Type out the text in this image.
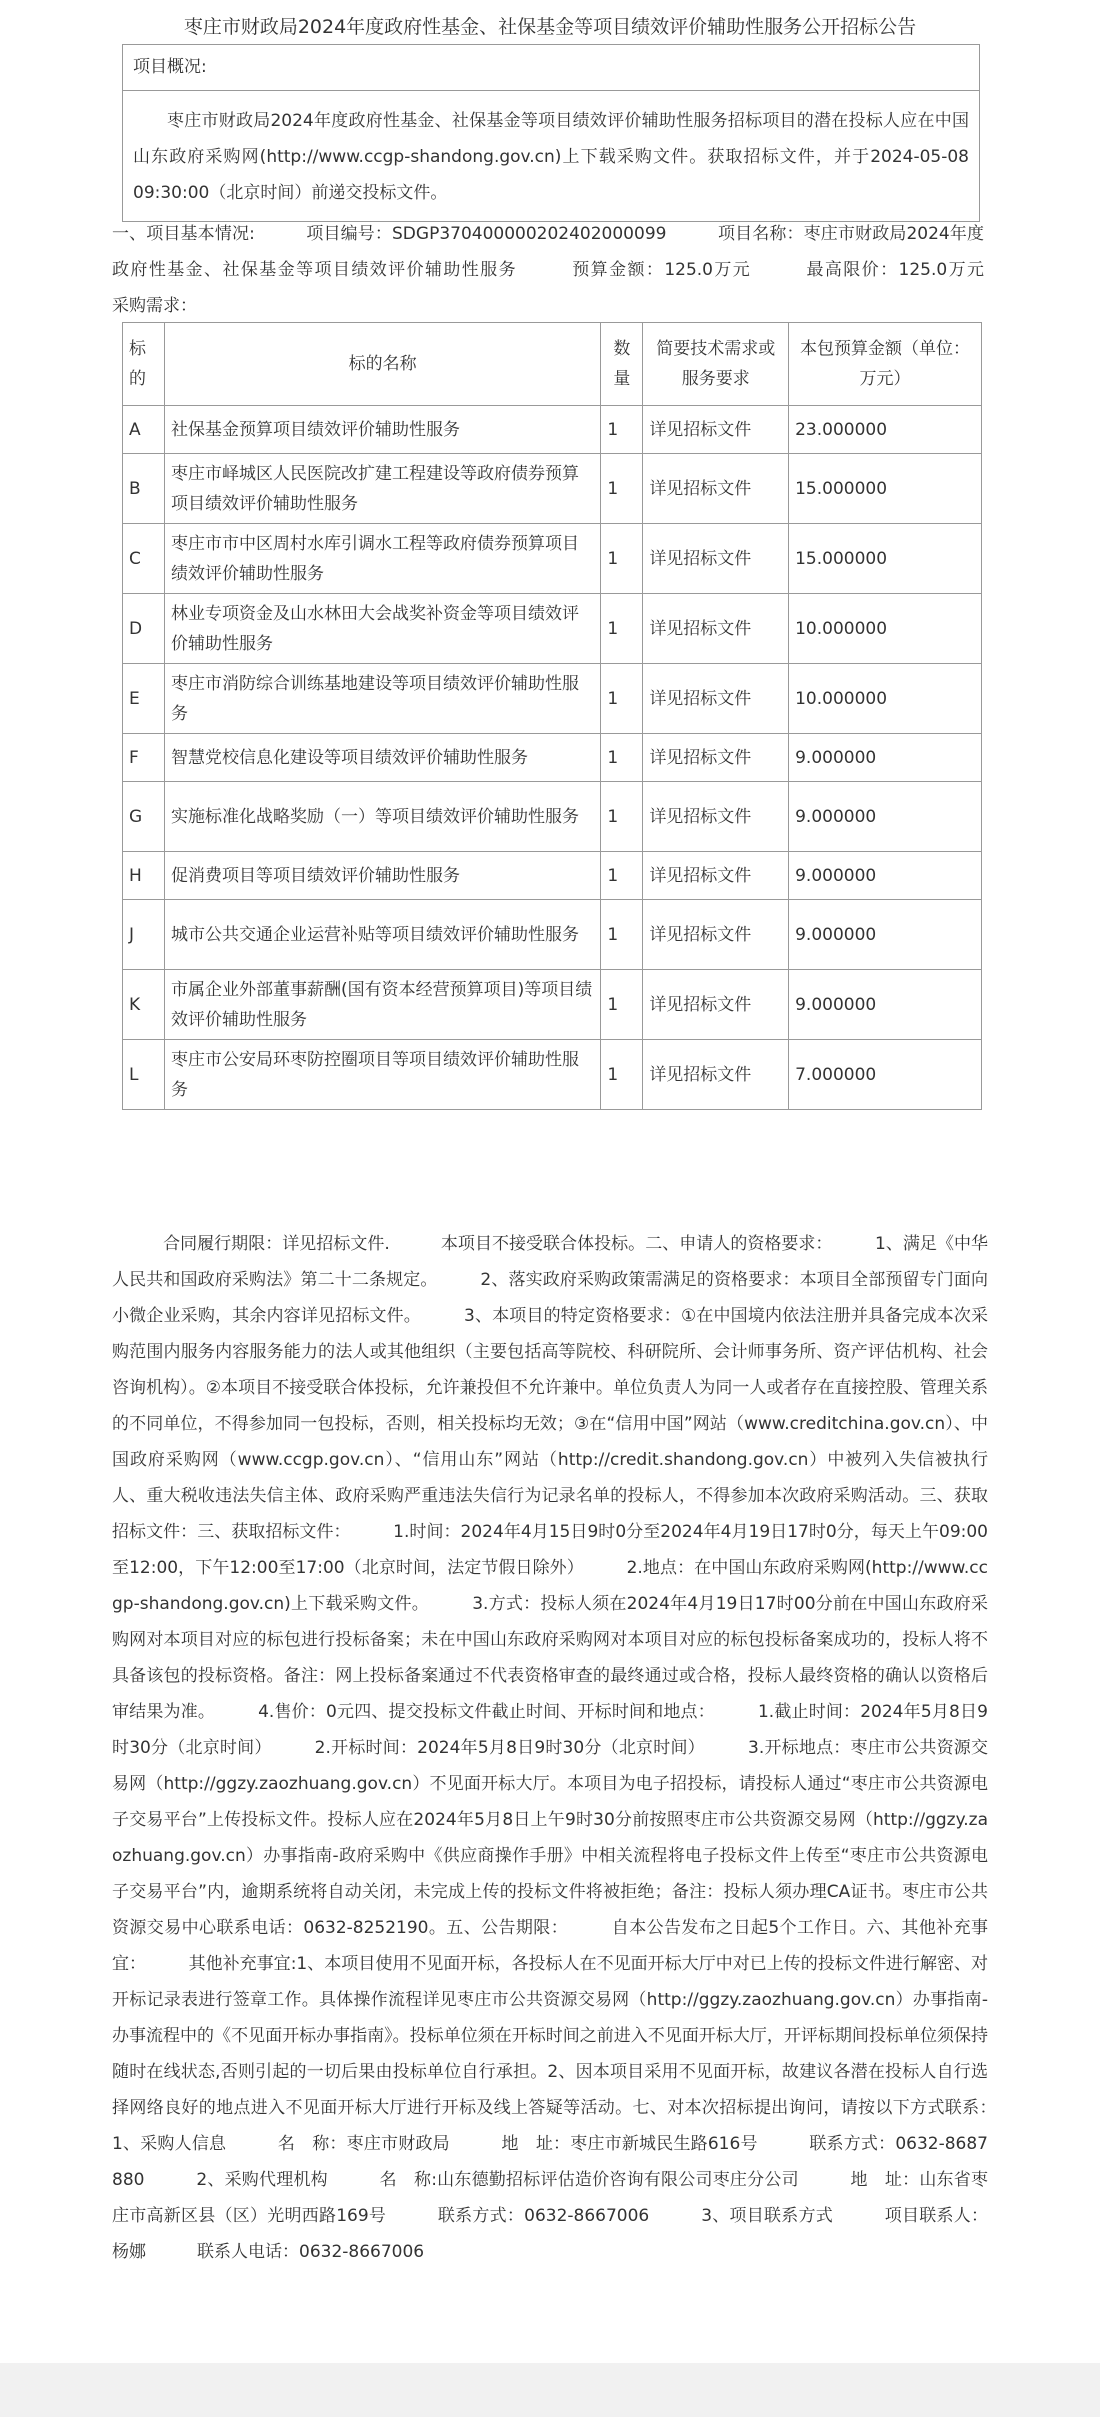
枣庄市财政局2024年度政府性基金、社保基金等项目绩效评价辅助性服务公开招标公告
项目概况:
枣庄市财政局2024年度政府性基金、社保基金等项目绩效评价辅助性服务招标项目的潜在投标人应在中国山东政府采购网(http://www.ccgp-shandong.gov.cn)上下载采购文件。获取招标文件，并于2024-05-08 09:30:00（北京时间）前递交投标文件。
一、项目基本情况:　　　项目编号：SDGP370400000202402000099　　　项目名称：枣庄市财政局2024年度政府性基金、社保基金等项目绩效评价辅助性服务　　　预算金额：125.0万元　　　最高限价：125.0万元　　　采购需求：
标的	标的名称	数量	简要技术需求或服务要求	本包预算金额（单位：万元）
A	社保基金预算项目绩效评价辅助性服务	1	详见招标文件	23.000000
B	枣庄市峄城区人民医院改扩建工程建设等政府债券预算项目绩效评价辅助性服务	1	详见招标文件	15.000000
C	枣庄市市中区周村水库引调水工程等政府债券预算项目绩效评价辅助性服务	1	详见招标文件	15.000000
D	林业专项资金及山水林田大会战奖补资金等项目绩效评价辅助性服务	1	详见招标文件	10.000000
E	枣庄市消防综合训练基地建设等项目绩效评价辅助性服务	1	详见招标文件	10.000000
F	智慧党校信息化建设等项目绩效评价辅助性服务	1	详见招标文件	9.000000
G	实施标准化战略奖励（一）等项目绩效评价辅助性服务	1	详见招标文件	9.000000
H	促消费项目等项目绩效评价辅助性服务	1	详见招标文件	9.000000
J	城市公共交通企业运营补贴等项目绩效评价辅助性服务	1	详见招标文件	9.000000
K	市属企业外部董事薪酬(国有资本经营预算项目)等项目绩效评价辅助性服务	1	详见招标文件	9.000000
L	枣庄市公安局环枣防控圈项目等项目绩效评价辅助性服务	1	详见招标文件	7.000000
　　　合同履行期限：详见招标文件.　　　本项目不接受联合体投标。二、申请人的资格要求：　　　1、满足《中华人民共和国政府采购法》第二十二条规定。　　　2、落实政府采购政策需满足的资格要求：本项目全部预留专门面向小微企业采购，其余内容详见招标文件。　　　3、本项目的特定资格要求：①在中国境内依法注册并具备完成本次采购范围内服务内容服务能力的法人或其他组织（主要包括高等院校、科研院所、会计师事务所、资产评估机构、社会咨询机构）。②本项目不接受联合体投标，允许兼投但不允许兼中。单位负责人为同一人或者存在直接控股、管理关系的不同单位，不得参加同一包投标，否则，相关投标均无效；③在“信用中国”网站（www.creditchina.gov.cn）、中国政府采购网（www.ccgp.gov.cn）、“信用山东”网站（http://credit.shandong.gov.cn）中被列入失信被执行人、重大税收违法失信主体、政府采购严重违法失信行为记录名单的投标人，不得参加本次政府采购活动。三、获取招标文件：三、获取招标文件：　　　1.时间：2024年4月15日9时0分至2024年4月19日17时0分，每天上午09:00至12:00，下午12:00至17:00（北京时间，法定节假日除外）　　　2.地点：在中国山东政府采购网(http://www.ccgp-shandong.gov.cn)上下载采购文件。　　　3.方式：投标人须在2024年4月19日17时00分前在中国山东政府采购网对本项目对应的标包进行投标备案；未在中国山东政府采购网对本项目对应的标包投标备案成功的，投标人将不具备该包的投标资格。备注：网上投标备案通过不代表资格审查的最终通过或合格，投标人最终资格的确认以资格后审结果为准。　　　4.售价：0元四、提交投标文件截止时间、开标时间和地点：　　　1.截止时间：2024年5月8日9时30分（北京时间）　　　2.开标时间：2024年5月8日9时30分（北京时间）　　　3.开标地点：枣庄市公共资源交易网（http://ggzy.zaozhuang.gov.cn）不见面开标大厅。本项目为电子招投标，请投标人通过“枣庄市公共资源电子交易平台”上传投标文件。投标人应在2024年5月8日上午9时30分前按照枣庄市公共资源交易网（http://ggzy.zaozhuang.gov.cn）办事指南-政府采购中《供应商操作手册》中相关流程将电子投标文件上传至“枣庄市公共资源电子交易平台”内，逾期系统将自动关闭，未完成上传的投标文件将被拒绝；备注：投标人须办理CA证书。枣庄市公共资源交易中心联系电话：0632-8252190。五、公告期限：　　　自本公告发布之日起5个工作日。六、其他补充事宜：　　　其他补充事宜:1、本项目使用不见面开标，各投标人在不见面开标大厅中对已上传的投标文件进行解密、对开标记录表进行签章工作。具体操作流程详见枣庄市公共资源交易网（http://ggzy.zaozhuang.gov.cn）办事指南-办事流程中的《不见面开标办事指南》。投标单位须在开标时间之前进入不见面开标大厅，开评标期间投标单位须保持随时在线状态,否则引起的一切后果由投标单位自行承担。2、因本项目采用不见面开标，故建议各潜在投标人自行选择网络良好的地点进入不见面开标大厅进行开标及线上答疑等活动。七、对本次招标提出询问，请按以下方式联系：　　　1、采购人信息　　　名　称：枣庄市财政局　　　地　址：枣庄市新城民生路616号　　　联系方式：0632-8687880　　　2、采购代理机构　　　名　称:山东德勤招标评估造价咨询有限公司枣庄分公司　　　地　址：山东省枣庄市高新区县（区）光明西路169号　　　联系方式：0632-8667006　　　3、项目联系方式　　　项目联系人：杨娜　　　联系人电话：0632-8667006
